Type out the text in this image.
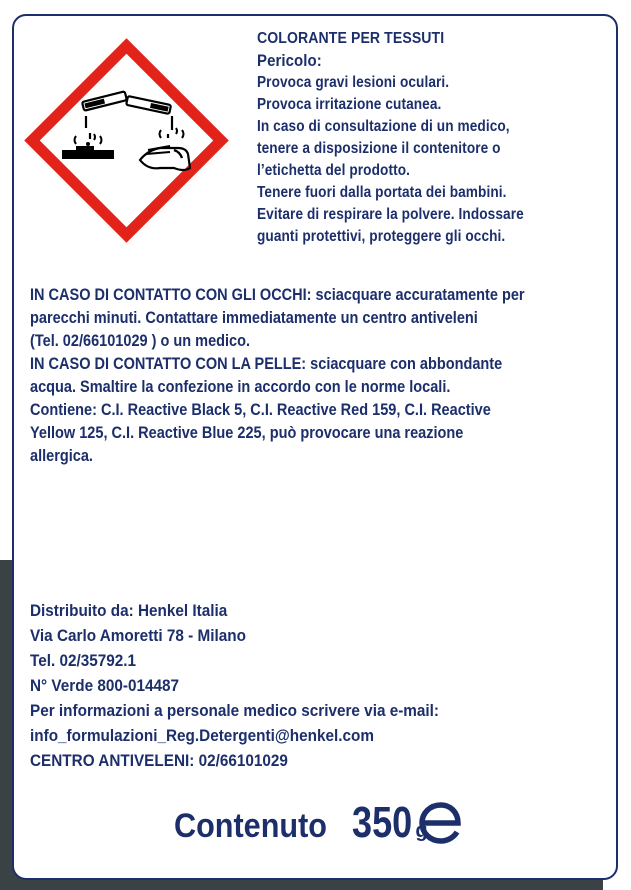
COLORANTE PER TESSUTI
Pericolo:
Provoca gravi lesioni oculari.
Provoca irritazione cutanea.
In caso di consultazione di un medico,
tenere a disposizione il contenitore o
l’etichetta del prodotto.
Tenere fuori dalla portata dei bambini.
Evitare di respirare la polvere. Indossare
guanti protettivi, proteggere gli occhi.
IN CASO DI CONTATTO CON GLI OCCHI: sciacquare accuratamente per
parecchi minuti. Contattare immediatamente un centro antiveleni
(Tel. 02/66101029 ) o un medico.
IN CASO DI CONTATTO CON LA PELLE: sciacquare con abbondante
acqua. Smaltire la confezione in accordo con le norme locali.
Contiene: C.I. Reactive Black 5, C.I. Reactive Red 159, C.I. Reactive
Yellow 125, C.I. Reactive Blue 225, può provocare una reazione
allergica.
Distribuito da: Henkel Italia
Via Carlo Amoretti 78 - Milano
Tel. 02/35792.1
N° Verde 800-014487
Per informazioni a personale medico scrivere via e-mail:
info_formulazioni_Reg.Detergenti@henkel.com
CENTRO ANTIVELENI: 02/66101029
Contenuto 350 g
